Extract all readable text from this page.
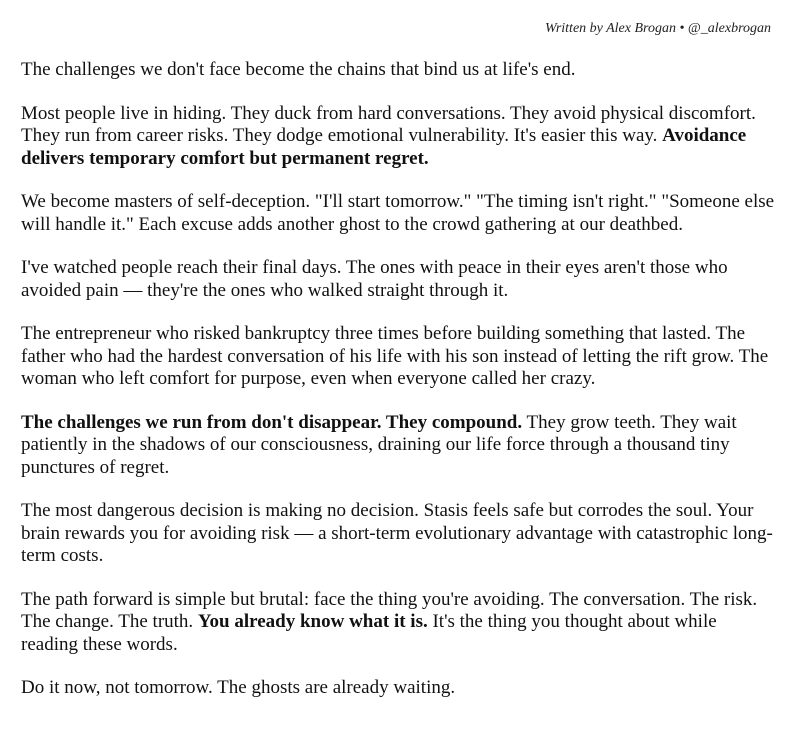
Written by Alex Brogan • @_alexbrogan

The challenges we don't face become the chains that bind us at life's end.

Most people live in hiding. They duck from hard conversations. They avoid physical discomfort. They run from career risks. They dodge emotional vulnerability. It's easier this way. Avoidance delivers temporary comfort but permanent regret.

We become masters of self-deception. "I'll start tomorrow." "The timing isn't right." "Someone else will handle it." Each excuse adds another ghost to the crowd gathering at our deathbed.

I've watched people reach their final days. The ones with peace in their eyes aren't those who avoided pain — they're the ones who walked straight through it.

The entrepreneur who risked bankruptcy three times before building something that lasted. The father who had the hardest conversation of his life with his son instead of letting the rift grow. The woman who left comfort for purpose, even when everyone called her crazy.

The challenges we run from don't disappear. They compound. They grow teeth. They wait patiently in the shadows of our consciousness, draining our life force through a thousand tiny punctures of regret.

The most dangerous decision is making no decision. Stasis feels safe but corrodes the soul. Your brain rewards you for avoiding risk — a short-term evolutionary advantage with catastrophic long-term costs.

The path forward is simple but brutal: face the thing you're avoiding. The conversation. The risk. The change. The truth. You already know what it is. It's the thing you thought about while reading these words.

Do it now, not tomorrow. The ghosts are already waiting.
